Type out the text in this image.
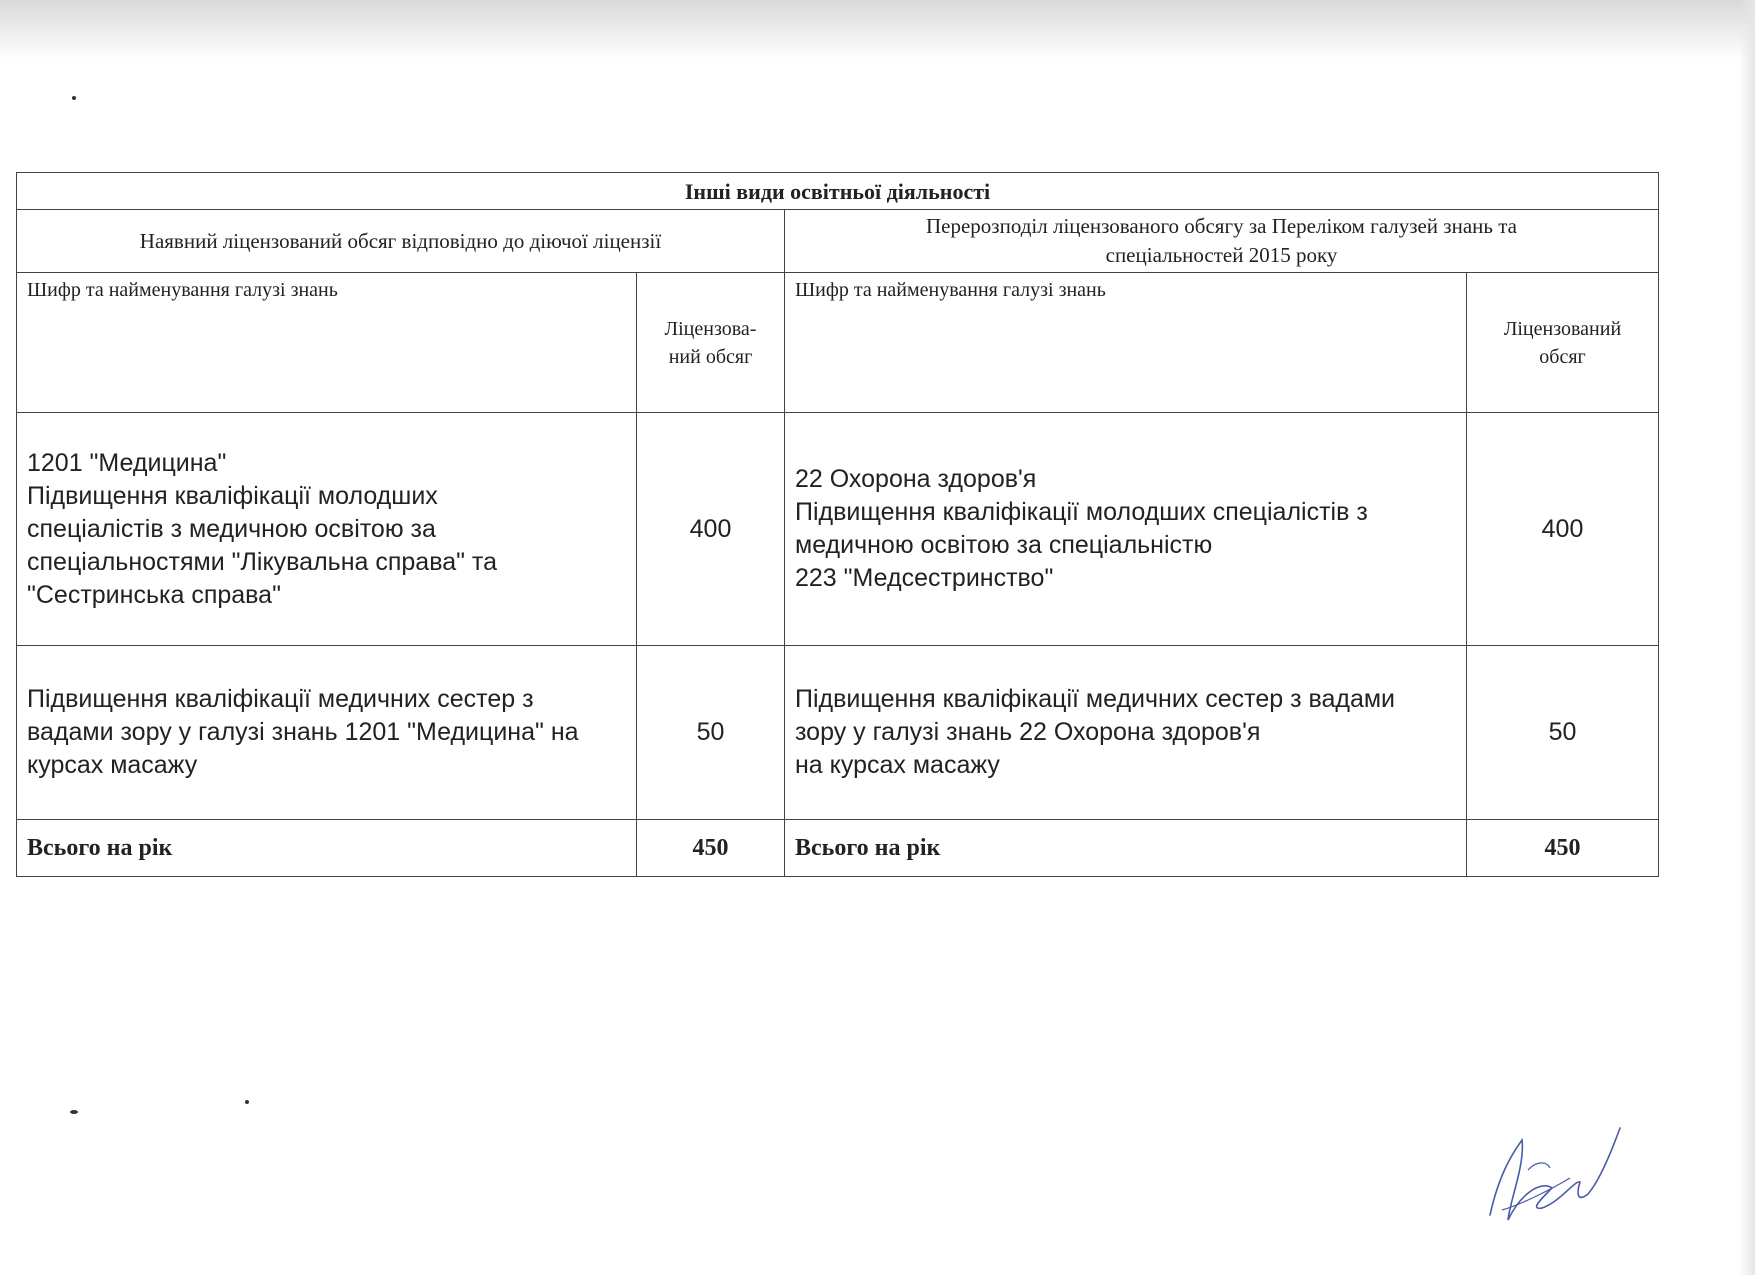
Інші види освітньої діяльності			
Наявний ліцензований обсяг відповідно до діючої ліцензії		Перерозподіл ліцензованого обсягу за Переліком галузей знань та
спеціальностей 2015 року	

Шифр та найменування галузі знань	Ліцензова-
ний обсяг	Шифр та найменування галузі знань	Ліцензований
обсяг

1201 "Медицина"
Підвищення кваліфікації молодших
спеціалістів з медичною освітою за
спеціальностями "Лікувальна справа" та
"Сестринська справа"	400	22 Охорона здоров'я
Підвищення кваліфікації молодших спеціалістів з
медичною освітою за спеціальністю
223 "Медсестринство"	400

Підвищення кваліфікації медичних сестер з
вадами зору у галузі знань 1201 "Медицина" на
курсах масажу	50	Підвищення кваліфікації медичних сестер з вадами
зору у галузі знань 22 Охорона здоров'я
на курсах масажу	50
Всього на рік	450	Всього на рік	450
